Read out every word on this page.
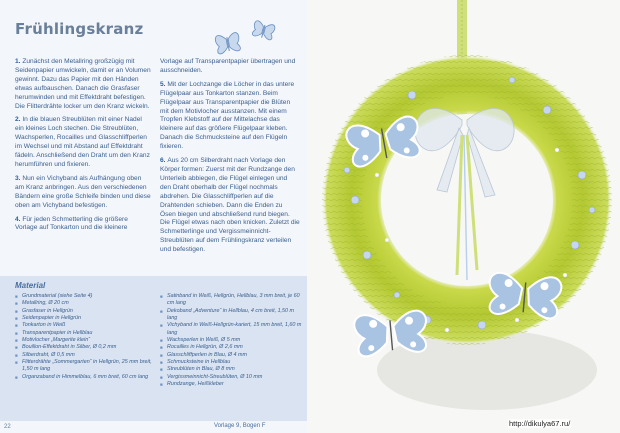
Frühlingskranz

1. Zunächst den Metallring großzügig mit Seidenpapier umwickeln, damit er an Volumen gewinnt. Dazu das Papier mit den Händen etwas aufbauschen. Danach die Grasfaser herumwinden und mit Effektdraht befestigen. Die Flitterdrähte locker um den Kranz wickeln.

2. In die blauen Streublüten mit einer Nadel ein kleines Loch stechen. Die Streublüten, Wachsperlen, Rocailles und Glasschliffperlen im Wechsel und mit Abstand auf Effektdraht fädeln. Anschließend den Draht um den Kranz herumführen und fixieren.

3. Nun ein Vichyband als Aufhängung oben am Kranz anbringen. Aus den verschiedenen Bändern eine große Schleife binden und diese oben am Vichyband befestigen.

4. Für jeden Schmetterling die größere Vorlage auf Tonkarton und die kleinere

Vorlage auf Transparentpapier übertragen und ausschneiden.

5. Mit der Lochzange die Löcher in das untere Flügelpaar aus Tonkarton stanzen. Beim Flügelpaar aus Transparentpapier die Blüten mit dem Motivlocher ausstanzen. Mit einem Tropfen Klebstoff auf der Mittelachse das kleinere auf das größere Flügelpaar kleben. Danach die Schmucksteine auf den Flügeln fixieren.

6. Aus 20 cm Silberdraht nach Vorlage den Körper formen: Zuerst mit der Rundzange den Unterleib abbiegen, die Flügel einlegen und den Draht oberhalb der Flügel nochmals abdrehen. Die Glasschliffperlen auf die Drahtenden schieben. Dann die Enden zu Ösen biegen und abschließend rund biegen. Die Flügel etwas nach oben knicken. Zuletzt die Schmetterlinge und Vergissmeinnicht-Streublüten auf dem Frühlingskranz verteilen und befestigen.

Material
■ Grundmaterial (siehe Seite 4)
■ Metallring, Ø 20 cm
■ Grasfaser in Hellgrün
■ Seidenpapier in Hellgrün
■ Tonkarton in Weiß
■ Transparentpapier in Hellblau
■ Motivlocher „Margerite klein“
■ Bouillon-Effektdraht in Silber, Ø 0,2 mm
■ Silberdraht, Ø 0,5 mm
■ Flitterdrähte „Sommergarten“ in Hellgrün, 25 mm breit, 1,50 m lang
■ Organzaband in Himmelblau, 6 mm breit, 60 cm lang
■ Satinband in Weiß, Hellgrün, Hellblau, 3 mm breit, je 60 cm lang
■ Dekoband „Adventure“ in Hellblau, 4 cm breit, 1,50 m lang
■ Vichyband in Weiß-Hellgrün-kariert, 15 mm breit, 1,60 m lang
■ Wachsperlen in Weiß, Ø 5 mm
■ Rocailles in Hellgrün, Ø 2,6 mm
■ Glasschliffperlen in Blau, Ø 4 mm
■ Schmucksteine in Hellblau
■ Streublüten in Blau, Ø 8 mm
■ Vergissmeinnicht-Streublüten, Ø 10 mm
■ Rundzange, Heißkleber
22	Vorlage 9, Bogen F	http://dikulya67.ru/
